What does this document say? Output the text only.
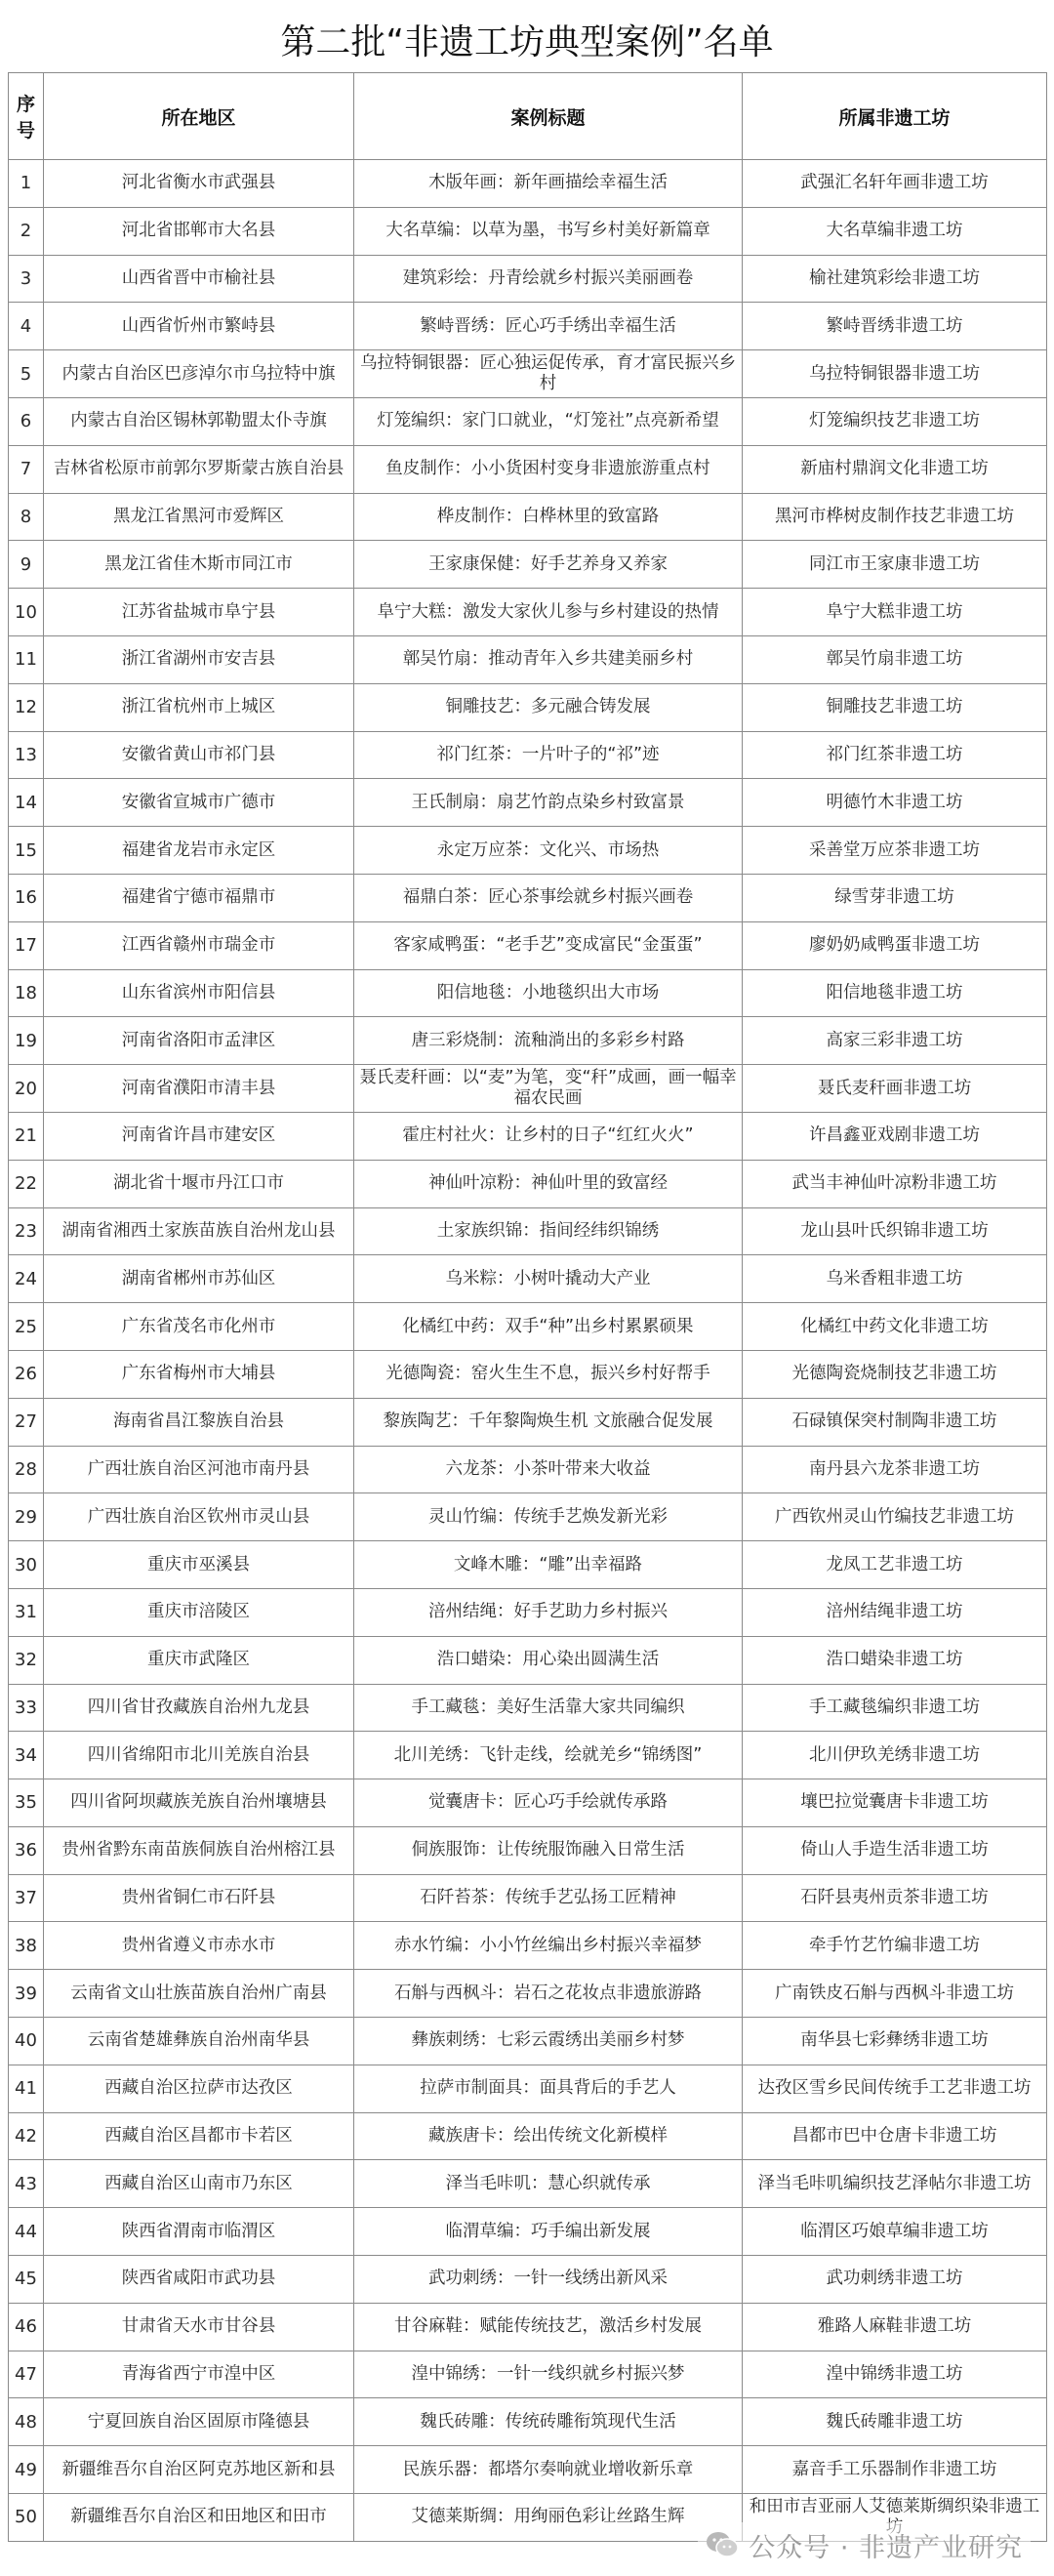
第二批“非遗工坊典型案例”名单
序号	所在地区	案例标题	所属非遗工坊
1	河北省衡水市武强县	木版年画：新年画描绘幸福生活	武强汇名轩年画非遗工坊
2	河北省邯郸市大名县	大名草编：以草为墨，书写乡村美好新篇章	大名草编非遗工坊
3	山西省晋中市榆社县	建筑彩绘：丹青绘就乡村振兴美丽画卷	榆社建筑彩绘非遗工坊
4	山西省忻州市繁峙县	繁峙晋绣：匠心巧手绣出幸福生活	繁峙晋绣非遗工坊
5	内蒙古自治区巴彦淖尔市乌拉特中旗	乌拉特铜银器：匠心独运促传承，育才富民振兴乡村	乌拉特铜银器非遗工坊
6	内蒙古自治区锡林郭勒盟太仆寺旗	灯笼编织：家门口就业，“灯笼社”点亮新希望	灯笼编织技艺非遗工坊
7	吉林省松原市前郭尔罗斯蒙古族自治县	鱼皮制作：小小货困村变身非遗旅游重点村	新庙村鼎润文化非遗工坊
8	黑龙江省黑河市爱辉区	桦皮制作：白桦林里的致富路	黑河市桦树皮制作技艺非遗工坊
9	黑龙江省佳木斯市同江市	王家康保健：好手艺养身又养家	同江市王家康非遗工坊
10	江苏省盐城市阜宁县	阜宁大糕：激发大家伙儿参与乡村建设的热情	阜宁大糕非遗工坊
11	浙江省湖州市安吉县	鄣吴竹扇：推动青年入乡共建美丽乡村	鄣吴竹扇非遗工坊
12	浙江省杭州市上城区	铜雕技艺：多元融合铸发展	铜雕技艺非遗工坊
13	安徽省黄山市祁门县	祁门红茶：一片叶子的“祁”迹	祁门红茶非遗工坊
14	安徽省宣城市广德市	王氏制扇：扇艺竹韵点染乡村致富景	明德竹木非遗工坊
15	福建省龙岩市永定区	永定万应茶：文化兴、市场热	采善堂万应茶非遗工坊
16	福建省宁德市福鼎市	福鼎白茶：匠心茶事绘就乡村振兴画卷	绿雪芽非遗工坊
17	江西省赣州市瑞金市	客家咸鸭蛋：“老手艺”变成富民“金蛋蛋”	廖奶奶咸鸭蛋非遗工坊
18	山东省滨州市阳信县	阳信地毯：小地毯织出大市场	阳信地毯非遗工坊
19	河南省洛阳市孟津区	唐三彩烧制：流釉淌出的多彩乡村路	高家三彩非遗工坊
20	河南省濮阳市清丰县	聂氏麦秆画：以“麦”为笔，变“秆”成画，画一幅幸福农民画	聂氏麦秆画非遗工坊
21	河南省许昌市建安区	霍庄村社火：让乡村的日子“红红火火”	许昌鑫亚戏剧非遗工坊
22	湖北省十堰市丹江口市	神仙叶凉粉：神仙叶里的致富经	武当丰神仙叶凉粉非遗工坊
23	湖南省湘西土家族苗族自治州龙山县	土家族织锦：指间经纬织锦绣	龙山县叶氏织锦非遗工坊
24	湖南省郴州市苏仙区	乌米粽：小树叶撬动大产业	乌米香粗非遗工坊
25	广东省茂名市化州市	化橘红中药：双手“种”出乡村累累硕果	化橘红中药文化非遗工坊
26	广东省梅州市大埔县	光德陶瓷：窑火生生不息，振兴乡村好帮手	光德陶瓷烧制技艺非遗工坊
27	海南省昌江黎族自治县	黎族陶艺：千年黎陶焕生机 文旅融合促发展	石碌镇保突村制陶非遗工坊
28	广西壮族自治区河池市南丹县	六龙茶：小茶叶带来大收益	南丹县六龙茶非遗工坊
29	广西壮族自治区钦州市灵山县	灵山竹编：传统手艺焕发新光彩	广西钦州灵山竹编技艺非遗工坊
30	重庆市巫溪县	文峰木雕：“雕”出幸福路	龙凤工艺非遗工坊
31	重庆市涪陵区	涪州结绳：好手艺助力乡村振兴	涪州结绳非遗工坊
32	重庆市武隆区	浩口蜡染：用心染出圆满生活	浩口蜡染非遗工坊
33	四川省甘孜藏族自治州九龙县	手工藏毯：美好生活靠大家共同编织	手工藏毯编织非遗工坊
34	四川省绵阳市北川羌族自治县	北川羌绣：飞针走线，绘就羌乡“锦绣图”	北川伊玖羌绣非遗工坊
35	四川省阿坝藏族羌族自治州壤塘县	觉囊唐卡：匠心巧手绘就传承路	壤巴拉觉囊唐卡非遗工坊
36	贵州省黔东南苗族侗族自治州榕江县	侗族服饰：让传统服饰融入日常生活	倚山人手造生活非遗工坊
37	贵州省铜仁市石阡县	石阡苔茶：传统手艺弘扬工匠精神	石阡县夷州贡茶非遗工坊
38	贵州省遵义市赤水市	赤水竹编：小小竹丝编出乡村振兴幸福梦	牵手竹艺竹编非遗工坊
39	云南省文山壮族苗族自治州广南县	石斛与西枫斗：岩石之花妆点非遗旅游路	广南铁皮石斛与西枫斗非遗工坊
40	云南省楚雄彝族自治州南华县	彝族刺绣：七彩云霞绣出美丽乡村梦	南华县七彩彝绣非遗工坊
41	西藏自治区拉萨市达孜区	拉萨市制面具：面具背后的手艺人	达孜区雪乡民间传统手工艺非遗工坊
42	西藏自治区昌都市卡若区	藏族唐卡：绘出传统文化新模样	昌都市巴中仓唐卡非遗工坊
43	西藏自治区山南市乃东区	泽当毛咔叽：慧心织就传承	泽当毛咔叽编织技艺泽帖尔非遗工坊
44	陕西省渭南市临渭区	临渭草编：巧手编出新发展	临渭区巧娘草编非遗工坊
45	陕西省咸阳市武功县	武功刺绣：一针一线绣出新风采	武功刺绣非遗工坊
46	甘肃省天水市甘谷县	甘谷麻鞋：赋能传统技艺，激活乡村发展	雅路人麻鞋非遗工坊
47	青海省西宁市湟中区	湟中锦绣：一针一线织就乡村振兴梦	湟中锦绣非遗工坊
48	宁夏回族自治区固原市隆德县	魏氏砖雕：传统砖雕衔筑现代生活	魏氏砖雕非遗工坊
49	新疆维吾尔自治区阿克苏地区新和县	民族乐器：都塔尔奏响就业增收新乐章	嘉音手工乐器制作非遗工坊
50	新疆维吾尔自治区和田地区和田市	艾德莱斯绸：用绚丽色彩让丝路生辉	和田市吉亚丽人艾德莱斯绸织染非遗工
公众号 · 非遗产业研究
